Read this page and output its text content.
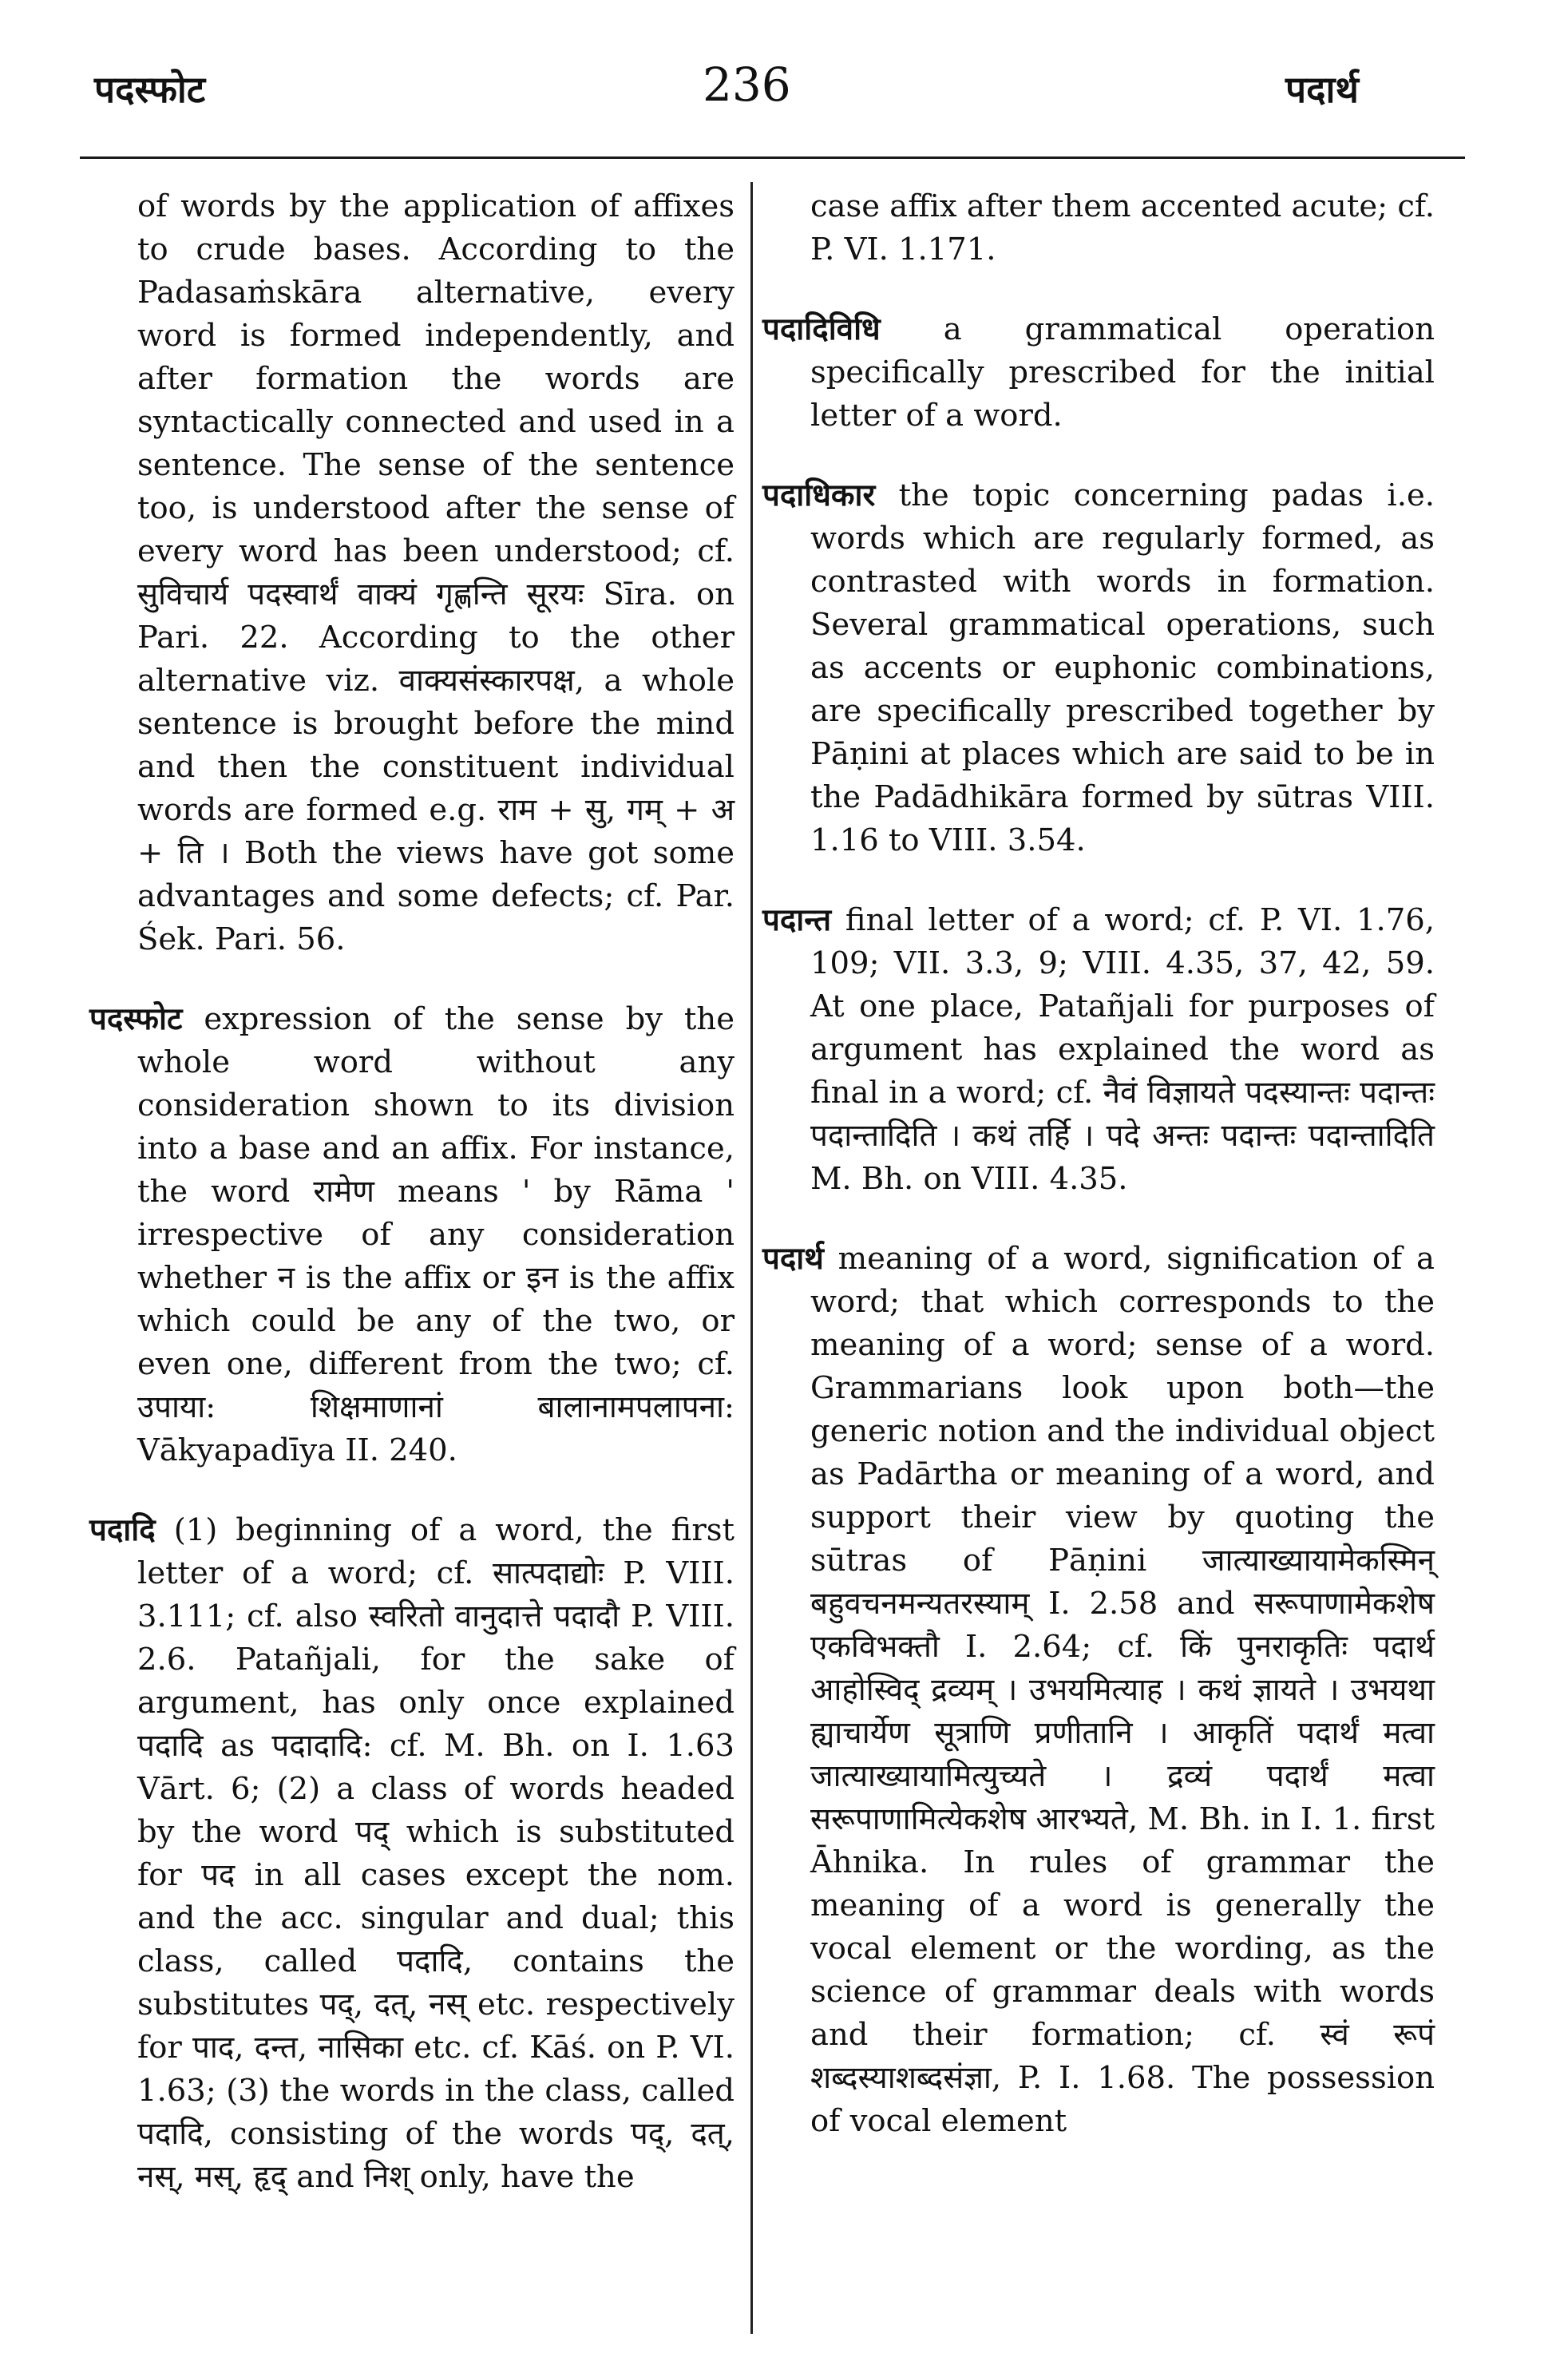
पदस्फोट	236	पदार्थ
of words by the application of affixes to crude bases. According to the Padasaṁskāra alternative, every word is formed independently, and after formation the words are syntactically connected and used in a sentence. The sense of the sentence too, is understood after the sense of every word has been understood; cf. सुविचार्य पदस्वार्थं वाक्यं गृह्णन्ति सूरयः Sīra. on Pari. 22. According to the other alternative viz. वाक्यसंस्कारपक्ष, a whole sentence is brought before the mind and then the constituent individual words are formed e.g. राम + सु, गम् + अ + ति । Both the views have got some advantages and some defects; cf. Par. Śek. Pari. 56.
पदस्फोट expression of the sense by the whole word without any consideration shown to its division into a base and an affix. For instance, the word रामेण means ' by Rāma ' irrespective of any consideration whether न is the affix or इन is the affix which could be any of the two, or even one, different from the two; cf. उपाया: शिक्षमाणानां बालानामपलापना: Vākyapadīya II. 240.
पदादि (1) beginning of a word, the first letter of a word; cf. सात्पदाद्योः P. VIII. 3.111; cf. also स्वरितो वानुदात्ते पदादौ P. VIII. 2.6. Patañjali, for the sake of argument, has only once explained पदादि as पदादादि: cf. M. Bh. on I. 1.63 Vārt. 6; (2) a class of words headed by the word पद् which is substituted for पद in all cases except the nom. and the acc. singular and dual; this class, called पदादि, contains the substitutes पद्, दत्, नस् etc. respectively for पाद, दन्त, नासिका etc. cf. Kāś. on P. VI. 1.63; (3) the words in the class, called पदादि, consisting of the words पद्, दत्, नस्, मस्, हृद् and निश् only, have the
case affix after them accented acute; cf. P. VI. 1.171.
पदादिविधि a grammatical operation specifically prescribed for the initial letter of a word.
पदाधिकार the topic concerning padas i.e. words which are regularly formed, as contrasted with words in formation. Several grammatical operations, such as accents or euphonic combinations, are specifically prescribed together by Pāṇini at places which are said to be in the Padādhikāra formed by sūtras VIII. 1.16 to VIII. 3.54.
पदान्त final letter of a word; cf. P. VI. 1.76, 109; VII. 3.3, 9; VIII. 4.35, 37, 42, 59. At one place, Patañjali for purposes of argument has explained the word as final in a word; cf. नैवं विज्ञायते पदस्यान्तः पदान्तः पदान्तादिति । कथं तर्हि । पदे अन्तः पदान्तः पदान्तादिति M. Bh. on VIII. 4.35.
पदार्थ meaning of a word, signification of a word; that which corresponds to the meaning of a word; sense of a word. Grammarians look upon both—the generic notion and the individual object as Padārtha or meaning of a word, and support their view by quoting the sūtras of Pāṇini जात्याख्यायामेकस्मिन् बहुवचनमन्यतरस्याम् I. 2.58 and सरूपाणामेकशेष एकविभक्तौ I. 2.64; cf. किं पुनराकृतिः पदार्थ आहोस्विद् द्रव्यम् । उभयमित्याह । कथं ज्ञायते । उभयथा ह्याचार्येण सूत्राणि प्रणीतानि । आकृतिं पदार्थं मत्वा जात्याख्यायामित्युच्यते । द्रव्यं पदार्थं मत्वा सरूपाणामित्येकशेष आरभ्यते, M. Bh. in I. 1. first Āhnika. In rules of grammar the meaning of a word is generally the vocal element or the wording, as the science of grammar deals with words and their formation; cf. स्वं रूपं शब्दस्याशब्दसंज्ञा, P. I. 1.68. The possession of vocal element
